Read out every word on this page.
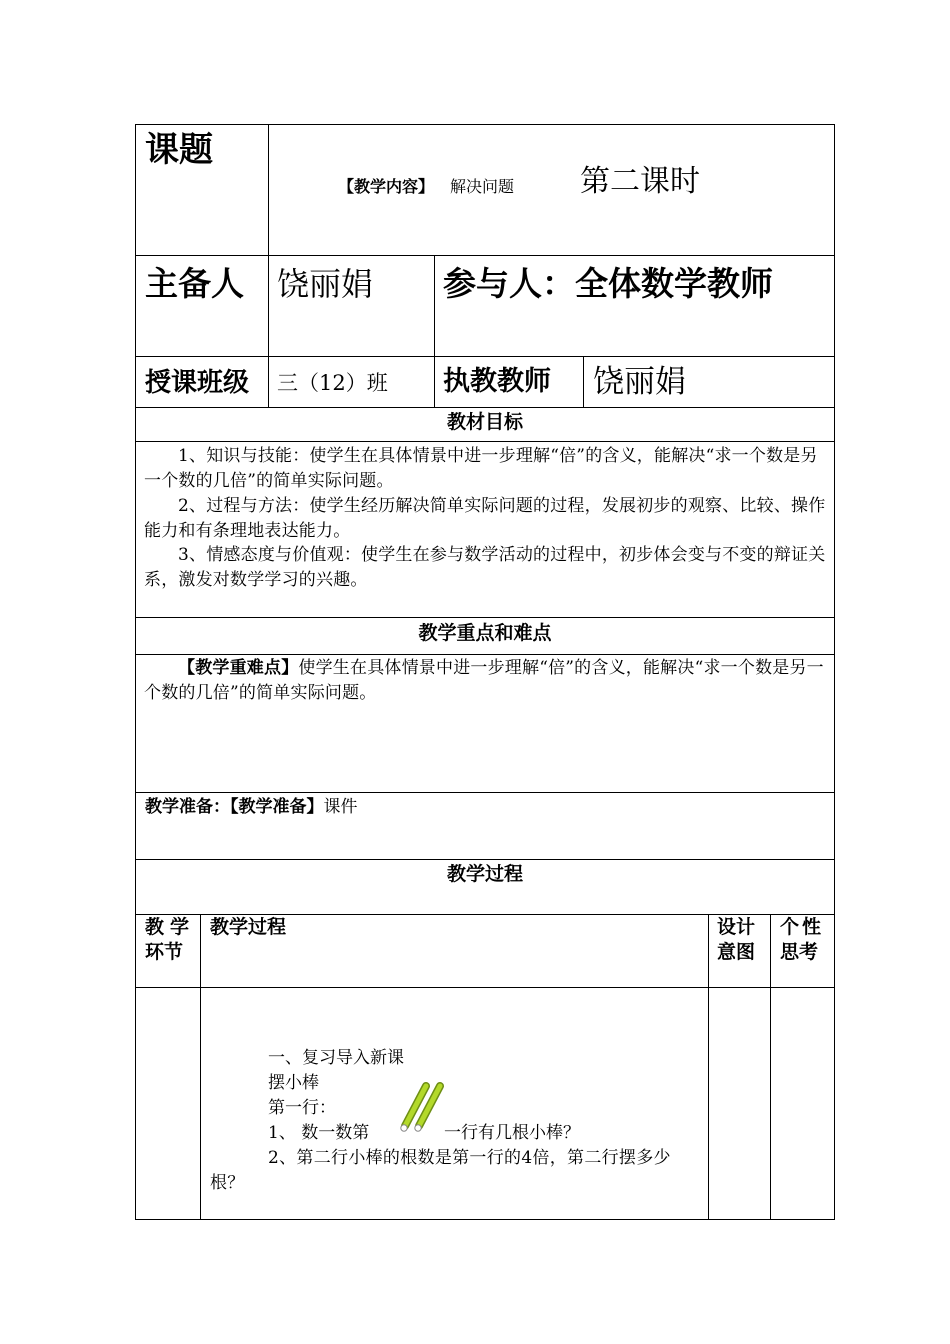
课题
【教学内容】 解决问题 第二课时
主备人 饶丽娟 参与人：全体数学教师
授课班级 三（12）班 执教教师 饶丽娟
教材目标
1、知识与技能：使学生在具体情景中进一步理解“倍”的含义，能解决“求一个数是另一个数的几倍”的简单实际问题。
2、过程与方法：使学生经历解决简单实际问题的过程，发展初步的观察、比较、操作能力和有条理地表达能力。
3、情感态度与价值观：使学生在参与数学活动的过程中，初步体会变与不变的辩证关系，激发对数学学习的兴趣。
教学重点和难点
【教学重难点】使学生在具体情景中进一步理解“倍”的含义，能解决“求一个数是另一个数的几倍”的简单实际问题。
教学准备：【教学准备】课件
教学过程
教学
环节
教学过程	设计
意图
个性
思考
一、复习导入新课
摆小棒
第一行：
1、 数一数第	一行有几根小棒？
2、第二行小棒的根数是第一行的4倍，第二行摆多少根？
